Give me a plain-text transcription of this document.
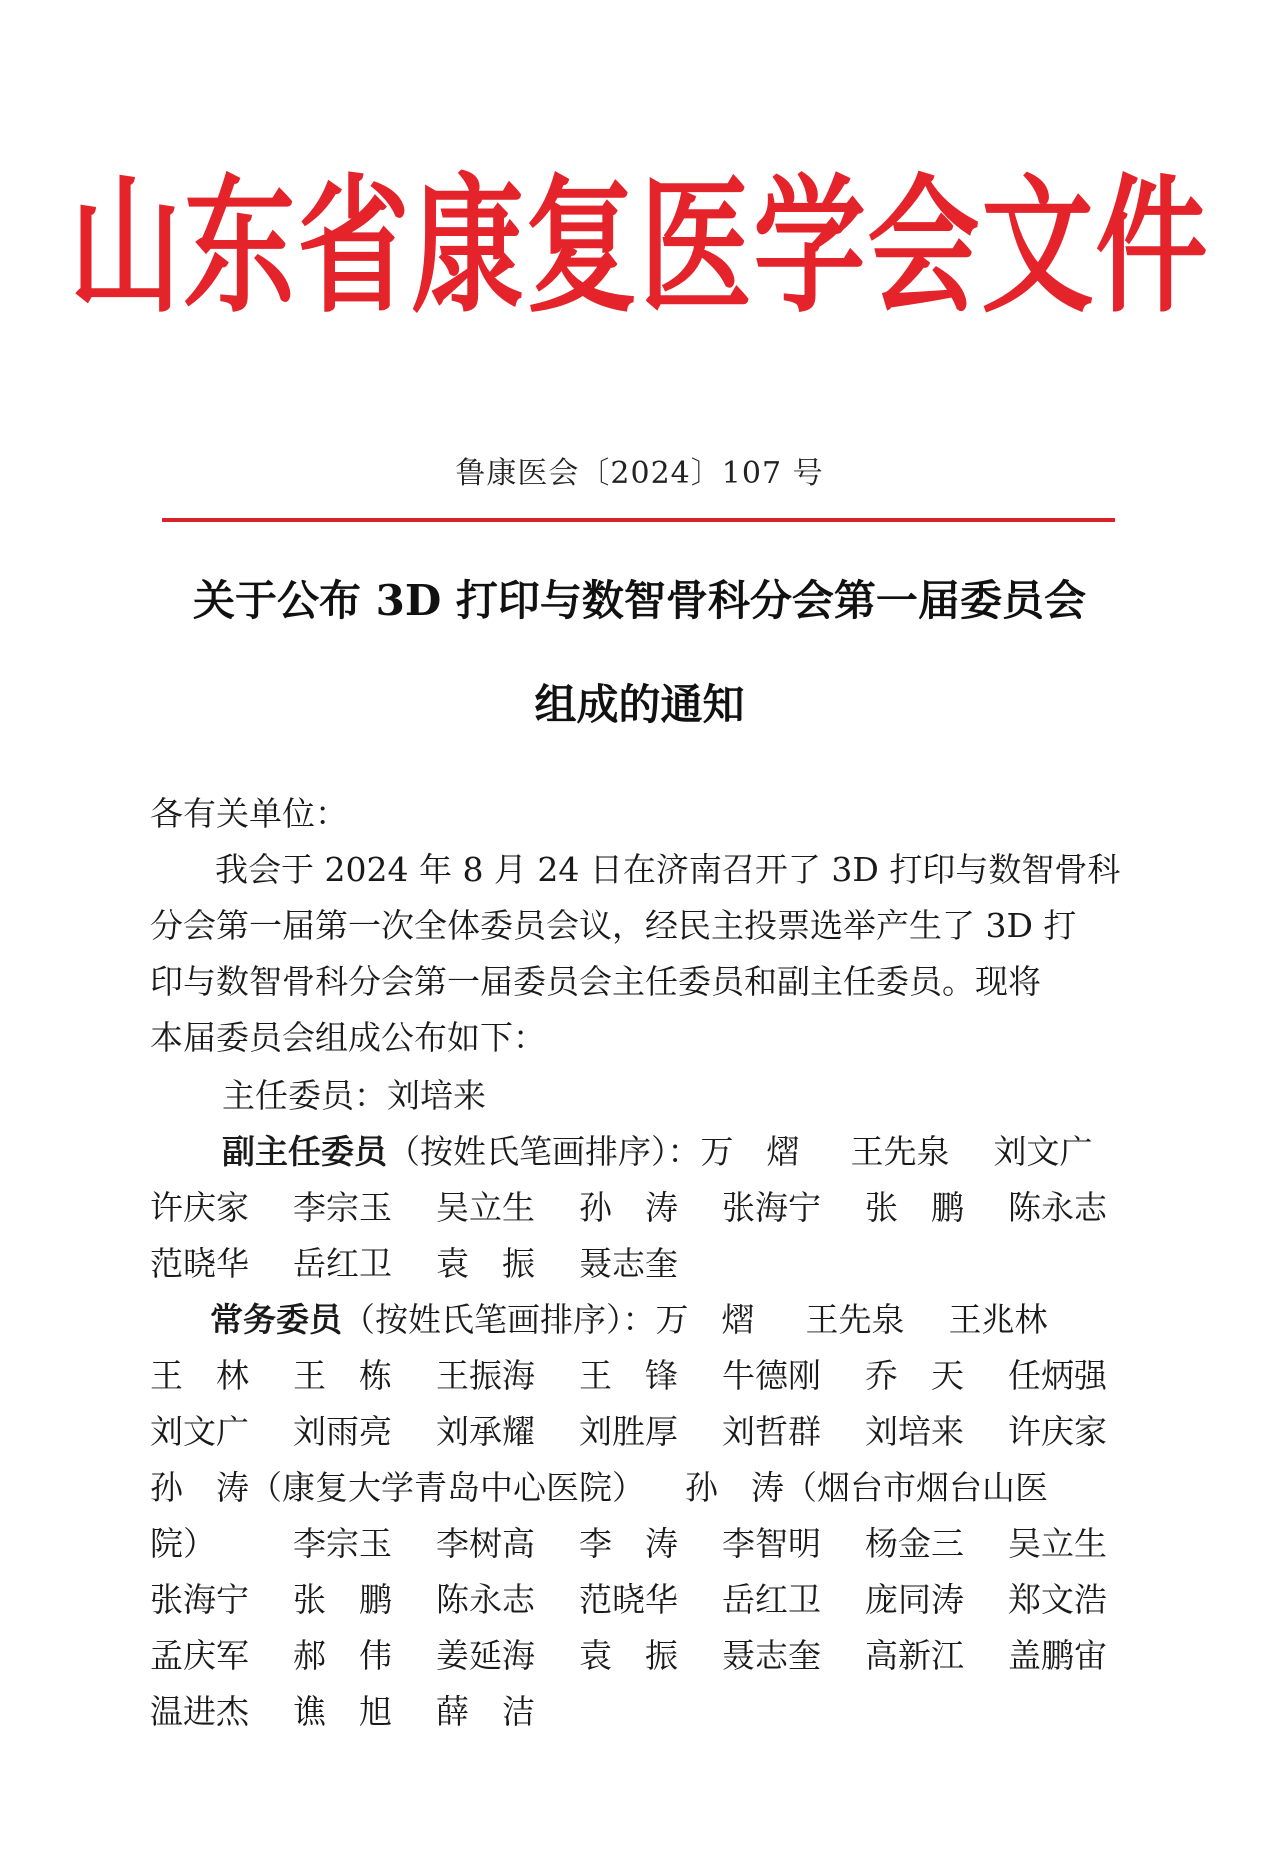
山东省康复医学会文件
鲁康医会〔2024〕107 号
关于公布 3D 打印与数智骨科分会第一届委员会
组成的通知
各有关单位：
　我会于 2024 年 8 月 24 日在济南召开了 3D 打印与数智骨科
分会第一届第一次全体委员会议，经民主投票选举产生了 3D 打
印与数智骨科分会第一届委员会主任委员和副主任委员。现将
本届委员会组成公布如下：
主任委员：刘培来
副主任委员（按姓氏笔画排序）：万　熠 王先泉 刘文广
许庆家	李宗玉	吴立生	孙　涛	张海宁	张　鹏	陈永志
范晓华	岳红卫	袁　振	聂志奎
常务委员（按姓氏笔画排序）：万　熠 王先泉 王兆林
王　林	王　栋	王振海	王　锋	牛德刚	乔　天	任炳强
刘文广	刘雨亮	刘承耀	刘胜厚	刘哲群	刘培来	许庆家
孙　涛（康复大学青岛中心医院） 孙　涛（烟台市烟台山医
院）	李宗玉	李树高	李　涛	李智明	杨金三	吴立生
张海宁	张　鹏	陈永志	范晓华	岳红卫	庞同涛	郑文浩
孟庆军	郝　伟	姜延海	袁　振	聂志奎	高新江	盖鹏宙
温进杰	谯　旭	薛　洁
